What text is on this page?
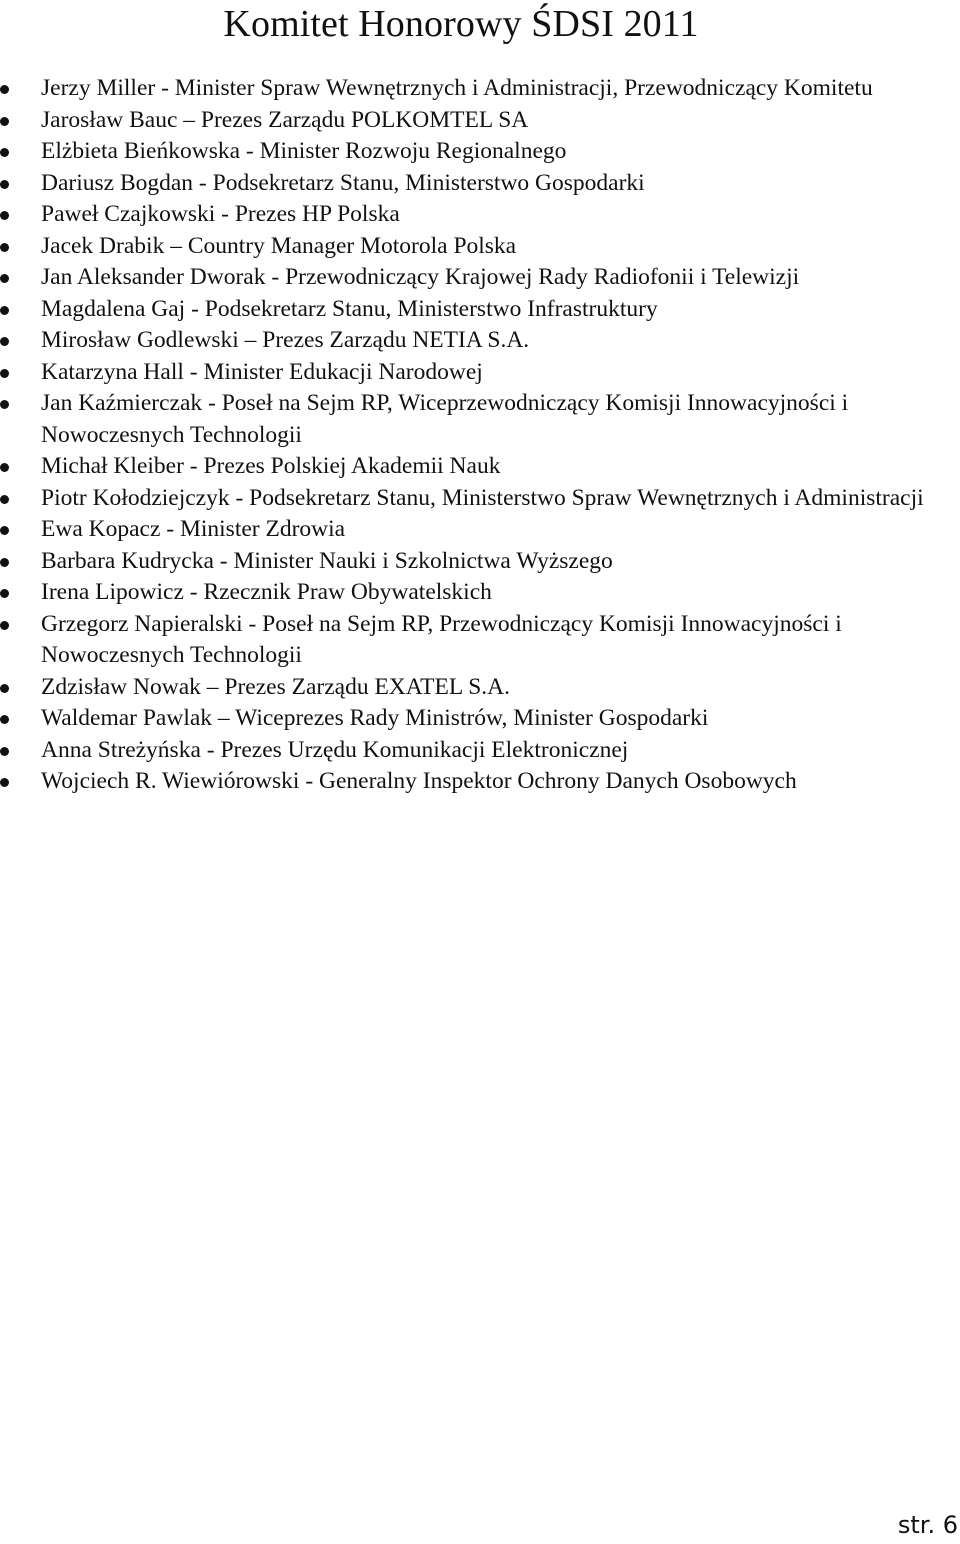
Komitet Honorowy ŚDSI 2011
Jerzy Miller - Minister Spraw Wewnętrznych i Administracji, Przewodniczący Komitetu
Jarosław Bauc – Prezes Zarządu POLKOMTEL SA
Elżbieta Bieńkowska - Minister Rozwoju Regionalnego
Dariusz Bogdan - Podsekretarz Stanu, Ministerstwo Gospodarki
Paweł Czajkowski - Prezes HP Polska
Jacek Drabik – Country Manager Motorola Polska
Jan Aleksander Dworak - Przewodniczący Krajowej Rady Radiofonii i Telewizji
Magdalena Gaj - Podsekretarz Stanu, Ministerstwo Infrastruktury
Mirosław Godlewski – Prezes Zarządu NETIA S.A.
Katarzyna Hall - Minister Edukacji Narodowej
Jan Kaźmierczak - Poseł na Sejm RP, Wiceprzewodniczący Komisji Innowacyjności i Nowoczesnych Technologii
Michał Kleiber - Prezes Polskiej Akademii Nauk
Piotr Kołodziejczyk - Podsekretarz Stanu, Ministerstwo Spraw Wewnętrznych i Administracji
Ewa Kopacz - Minister Zdrowia
Barbara Kudrycka - Minister Nauki i Szkolnictwa Wyższego
Irena Lipowicz - Rzecznik Praw Obywatelskich
Grzegorz Napieralski - Poseł na Sejm RP, Przewodniczący Komisji Innowacyjności i Nowoczesnych Technologii
Zdzisław Nowak – Prezes Zarządu EXATEL S.A.
Waldemar Pawlak – Wiceprezes Rady Ministrów, Minister Gospodarki
Anna Streżyńska - Prezes Urzędu Komunikacji Elektronicznej
Wojciech R. Wiewiórowski - Generalny Inspektor Ochrony Danych Osobowych
str. 6
